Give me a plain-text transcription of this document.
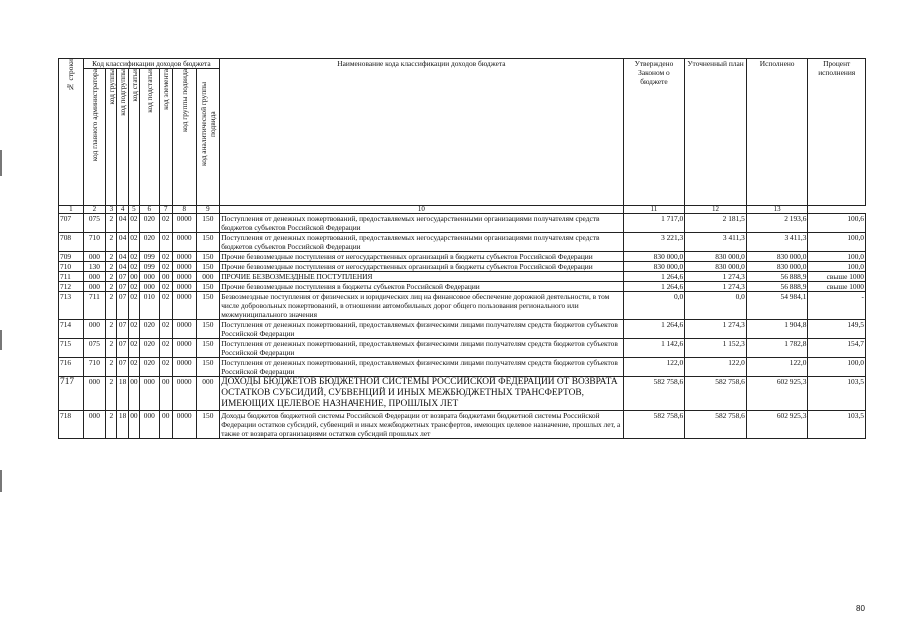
№ строки	Код классификации доходов бюджета								Наименование кода классификации доходов бюджета	Утверждено Законом о бюджете	Уточненный план	Исполнено	Процент исполнения
	код главного администратора	код группы	код подгруппы	код статьи	код подстатьи	код элемента	код группы подвида	код аналитической группы подвида					
1	2	3	4	5	6	7	8	9	10	11	12	13	
707	075	2	04	02	020	02	0000	150	Поступления от денежных пожертвований, предоставляемых негосударственными организациями получателям средств бюджетов субъектов Российской Федерации	1 717,0	2 181,5	2 193,6	100,6
708	710	2	04	02	020	02	0000	150	Поступления от денежных пожертвований, предоставляемых негосударственными организациями получателям средств бюджетов субъектов Российской Федерации	3 221,3	3 411,3	3 411,3	100,0
709	000	2	04	02	099	02	0000	150	Прочие безвозмездные поступления от негосударственных организаций в бюджеты субъектов Российской Федерации	830 000,0	830 000,0	830 000,0	100,0
710	130	2	04	02	099	02	0000	150	Прочие безвозмездные поступления от негосударственных организаций в бюджеты субъектов Российской Федерации	830 000,0	830 000,0	830 000,0	100,0
711	000	2	07	00	000	00	0000	000	ПРОЧИЕ БЕЗВОЗМЕЗДНЫЕ ПОСТУПЛЕНИЯ	1 264,6	1 274,3	56 888,9	свыше 1000
712	000	2	07	02	000	02	0000	150	Прочие безвозмездные поступления в бюджеты субъектов Российской Федерации	1 264,6	1 274,3	56 888,9	свыше 1000
713	711	2	07	02	010	02	0000	150	Безвозмездные поступления от физических и юридических лиц на финансовое обеспечение дорожной деятельности, в том числе добровольных пожертвований, в отношении автомобильных дорог общего пользования регионального или межмуниципального значения	0,0	0,0	54 984,1	-
714	000	2	07	02	020	02	0000	150	Поступления от денежных пожертвований, предоставляемых физическими лицами получателям средств бюджетов субъектов Российской Федерации	1 264,6	1 274,3	1 904,8	149,5
715	075	2	07	02	020	02	0000	150	Поступления от денежных пожертвований, предоставляемых физическими лицами получателям средств бюджетов субъектов Российской Федерации	1 142,6	1 152,3	1 782,8	154,7
716	710	2	07	02	020	02	0000	150	Поступления от денежных пожертвований, предоставляемых физическими лицами получателям средств бюджетов субъектов Российской Федерации	122,0	122,0	122,0	100,0
717	000	2	18	00	000	00	0000	000	ДОХОДЫ БЮДЖЕТОВ БЮДЖЕТНОЙ СИСТЕМЫ РОССИЙСКОЙ ФЕДЕРАЦИИ ОТ ВОЗВРАТА ОСТАТКОВ СУБСИДИЙ, СУБВЕНЦИЙ И ИНЫХ МЕЖБЮДЖЕТНЫХ ТРАНСФЕРТОВ, ИМЕЮЩИХ ЦЕЛЕВОЕ НАЗНАЧЕНИЕ, ПРОШЛЫХ ЛЕТ	582 758,6	582 758,6	602 925,3	103,5
718	000	2	18	00	000	00	0000	150	Доходы бюджетов бюджетной системы Российской Федерации от возврата бюджетами бюджетной системы Российской Федерации остатков субсидий, субвенций и иных межбюджетных трансфертов, имеющих целевое назначение, прошлых лет, а также от возврата организациями остатков субсидий прошлых лет	582 758,6	582 758,6	602 925,3	103,5
80
